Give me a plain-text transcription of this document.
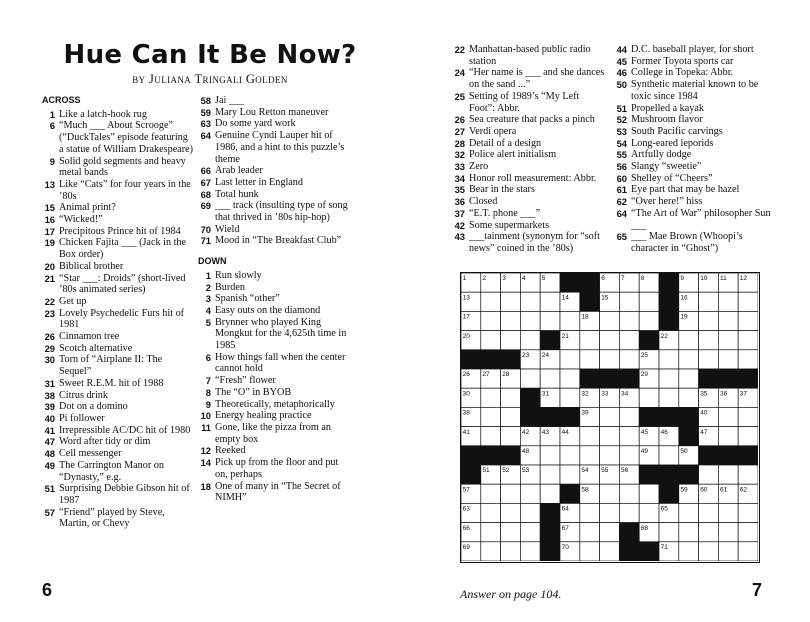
Hue Can It Be Now?
by Juliana Tringali Golden
ACROSS
1 Like a latch-hook rug
6 “Much ___ About Scrooge” (“DuckTales” episode featuring a statue of William Drakespeare)
9 Solid gold segments and heavy metal bands
13 Like “Cats” for four years in the ’80s
15 Animal print?
16 “Wicked!”
17 Precipitous Prince hit of 1984
19 Chicken Fajita ___ (Jack in the Box order)
20 Biblical brother
21 “Star ___: Droids” (short-lived ’80s animated series)
22 Get up
23 Lovely Psychedelic Furs hit of 1981
26 Cinnamon tree
29 Scotch alternative
30 Torn of “Airplane II: The Sequel”
31 Sweet R.E.M. hit of 1988
38 Citrus drink
39 Dot on a domino
40 Pi follower
41 Irrepressible AC/DC hit of 1980
47 Word after tidy or dim
48 Cell messenger
49 The Carrington Manor on “Dynasty,” e.g.
51 Surprising Debbie Gibson hit of 1987
57 “Friend” played by Steve, Martin, or Chevy
58 Jai ___
59 Mary Lou Retton maneuver
63 Do some yard work
64 Genuine Cyndi Lauper hit of 1986, and a hint to this puzzle’s theme
66 Arab leader
67 Last letter in England
68 Total hunk
69 ___ track (insulting type of song that thrived in ’80s hip-hop)
70 Wield
71 Mood in “The Breakfast Club”
DOWN
1 Run slowly
2 Burden
3 Spanish “other”
4 Easy outs on the diamond
5 Brynner who played King Mongkut for the 4,625th time in 1985
6 How things fall when the center cannot hold
7 “Fresh” flower
8 The “O” in BYOB
9 Theoretically, metaphorically
10 Energy healing practice
11 Gone, like the pizza from an empty box
12 Reeked
14 Pick up from the floor and put on, perhaps
18 One of many in “The Secret of NIMH”
22 Manhattan-based public radio station
24 “Her name is ___ and she dances on the sand ...”
25 Setting of 1989’s “My Left Foot”: Abbr.
26 Sea creature that packs a pinch
27 Verdi opera
28 Detail of a design
32 Police alert initialism
33 Zero
34 Honor roll measurement: Abbr.
35 Bear in the stars
36 Closed
37 “E.T. phone ___”
42 Some supermarkets
43 ___tainment (synonym for “soft news” coined in the ’80s)
44 D.C. baseball player, for short
45 Former Toyota sports car
46 College in Topeka: Abbr.
50 Synthetic material known to be toxic since 1984
51 Propelled a kayak
52 Mushroom flavor
53 South Pacific carvings
54 Long-eared leporids
55 Artfully dodge
56 Slangy “sweetie”
60 Shelley of “Cheers”
61 Eye part that may be hazel
62 “Over here!” hiss
64 “The Art of War” philosopher Sun ___
65 ___ Mae Brown (Whoopi’s character in “Ghost”)
1 2 3 4 5	6 7 8	9 10 11 12
13	14	15	16
17	18	19
20	21	22
23 24	25
26 27 28	29
30	31	32 33 34	35 36 37
38	39	40
41	42 43 44	45 46	47
48	49	50
51 52 53	54 55 56
57	58	59 60 61 62
63	64	65
66	67	68
69	70	71
6	Answer on page 104.	7
